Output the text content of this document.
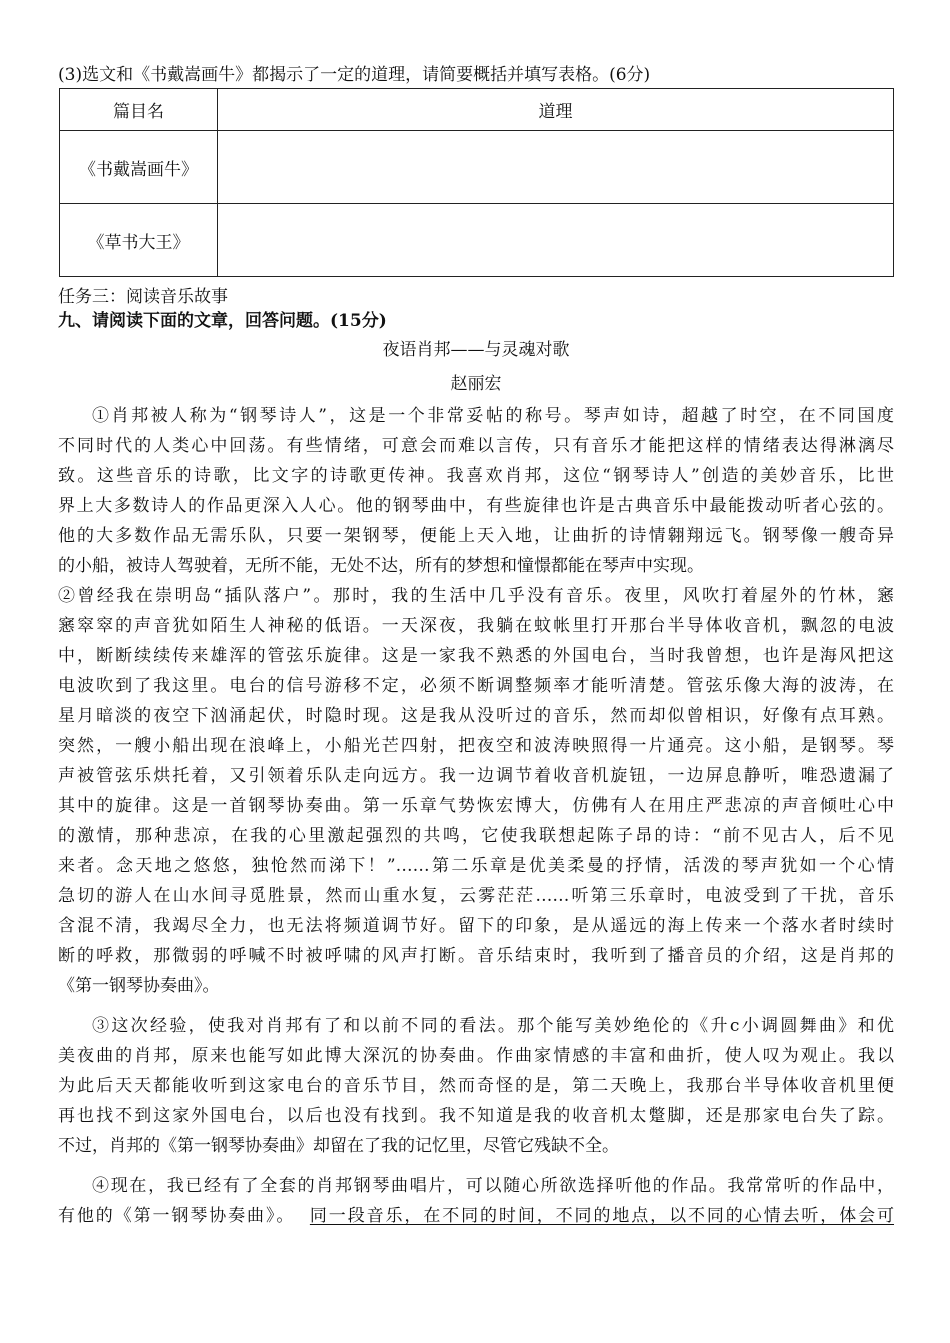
(3)选文和《书戴嵩画牛》都揭示了一定的道理，请简要概括并填写表格。(6分)
篇目名	道理
《书戴嵩画牛》	
《草书大王》	
任务三：阅读音乐故事
九、请阅读下面的文章，回答问题。(15分)
夜语肖邦——与灵魂对歌
赵丽宏
①肖邦被人称为“钢琴诗人”，这是一个非常妥帖的称号。琴声如诗，超越了时空，在不同国度
不同时代的人类心中回荡。有些情绪，可意会而难以言传，只有音乐才能把这样的情绪表达得淋漓尽
致。这些音乐的诗歌，比文字的诗歌更传神。我喜欢肖邦，这位“钢琴诗人”创造的美妙音乐，比世
界上大多数诗人的作品更深入人心。他的钢琴曲中，有些旋律也许是古典音乐中最能拨动听者心弦的。
他的大多数作品无需乐队，只要一架钢琴，便能上天入地，让曲折的诗情翱翔远飞。钢琴像一艘奇异
的小船，被诗人驾驶着，无所不能，无处不达，所有的梦想和憧憬都能在琴声中实现。
②曾经我在崇明岛“插队落户”。那时，我的生活中几乎没有音乐。夜里，风吹打着屋外的竹林，窸
窸窣窣的声音犹如陌生人神秘的低语。一天深夜，我躺在蚊帐里打开那台半导体收音机，飘忽的电波
中，断断续续传来雄浑的管弦乐旋律。这是一家我不熟悉的外国电台，当时我曾想，也许是海风把这
电波吹到了我这里。电台的信号游移不定，必须不断调整频率才能听清楚。管弦乐像大海的波涛，在
星月暗淡的夜空下汹涌起伏，时隐时现。这是我从没听过的音乐，然而却似曾相识，好像有点耳熟。
突然，一艘小船出现在浪峰上，小船光芒四射，把夜空和波涛映照得一片通亮。这小船，是钢琴。琴
声被管弦乐烘托着，又引领着乐队走向远方。我一边调节着收音机旋钮，一边屏息静听，唯恐遗漏了
其中的旋律。这是一首钢琴协奏曲。第一乐章气势恢宏博大，仿佛有人在用庄严悲凉的声音倾吐心中
的激情，那种悲凉，在我的心里激起强烈的共鸣，它使我联想起陈子昂的诗：“前不见古人，后不见
来者。念天地之悠悠，独怆然而涕下！”……第二乐章是优美柔曼的抒情，活泼的琴声犹如一个心情
急切的游人在山水间寻觅胜景，然而山重水复，云雾茫茫……听第三乐章时，电波受到了干扰，音乐
含混不清，我竭尽全力，也无法将频道调节好。留下的印象，是从遥远的海上传来一个落水者时续时
断的呼救，那微弱的呼喊不时被呼啸的风声打断。音乐结束时，我听到了播音员的介绍，这是肖邦的
《第一钢琴协奏曲》。
③这次经验，使我对肖邦有了和以前不同的看法。那个能写美妙绝伦的《升c小调圆舞曲》和优
美夜曲的肖邦，原来也能写如此博大深沉的协奏曲。作曲家情感的丰富和曲折，使人叹为观止。我以
为此后天天都能收听到这家电台的音乐节目，然而奇怪的是，第二天晚上，我那台半导体收音机里便
再也找不到这家外国电台，以后也没有找到。我不知道是我的收音机太蹩脚，还是那家电台失了踪。
不过，肖邦的《第一钢琴协奏曲》却留在了我的记忆里，尽管它残缺不全。
④现在，我已经有了全套的肖邦钢琴曲唱片，可以随心所欲选择听他的作品。我常常听的作品中，
有他的《第一钢琴协奏曲》。 同一段音乐，在不同的时间，不同的地点，以不同的心情去听，体会可
